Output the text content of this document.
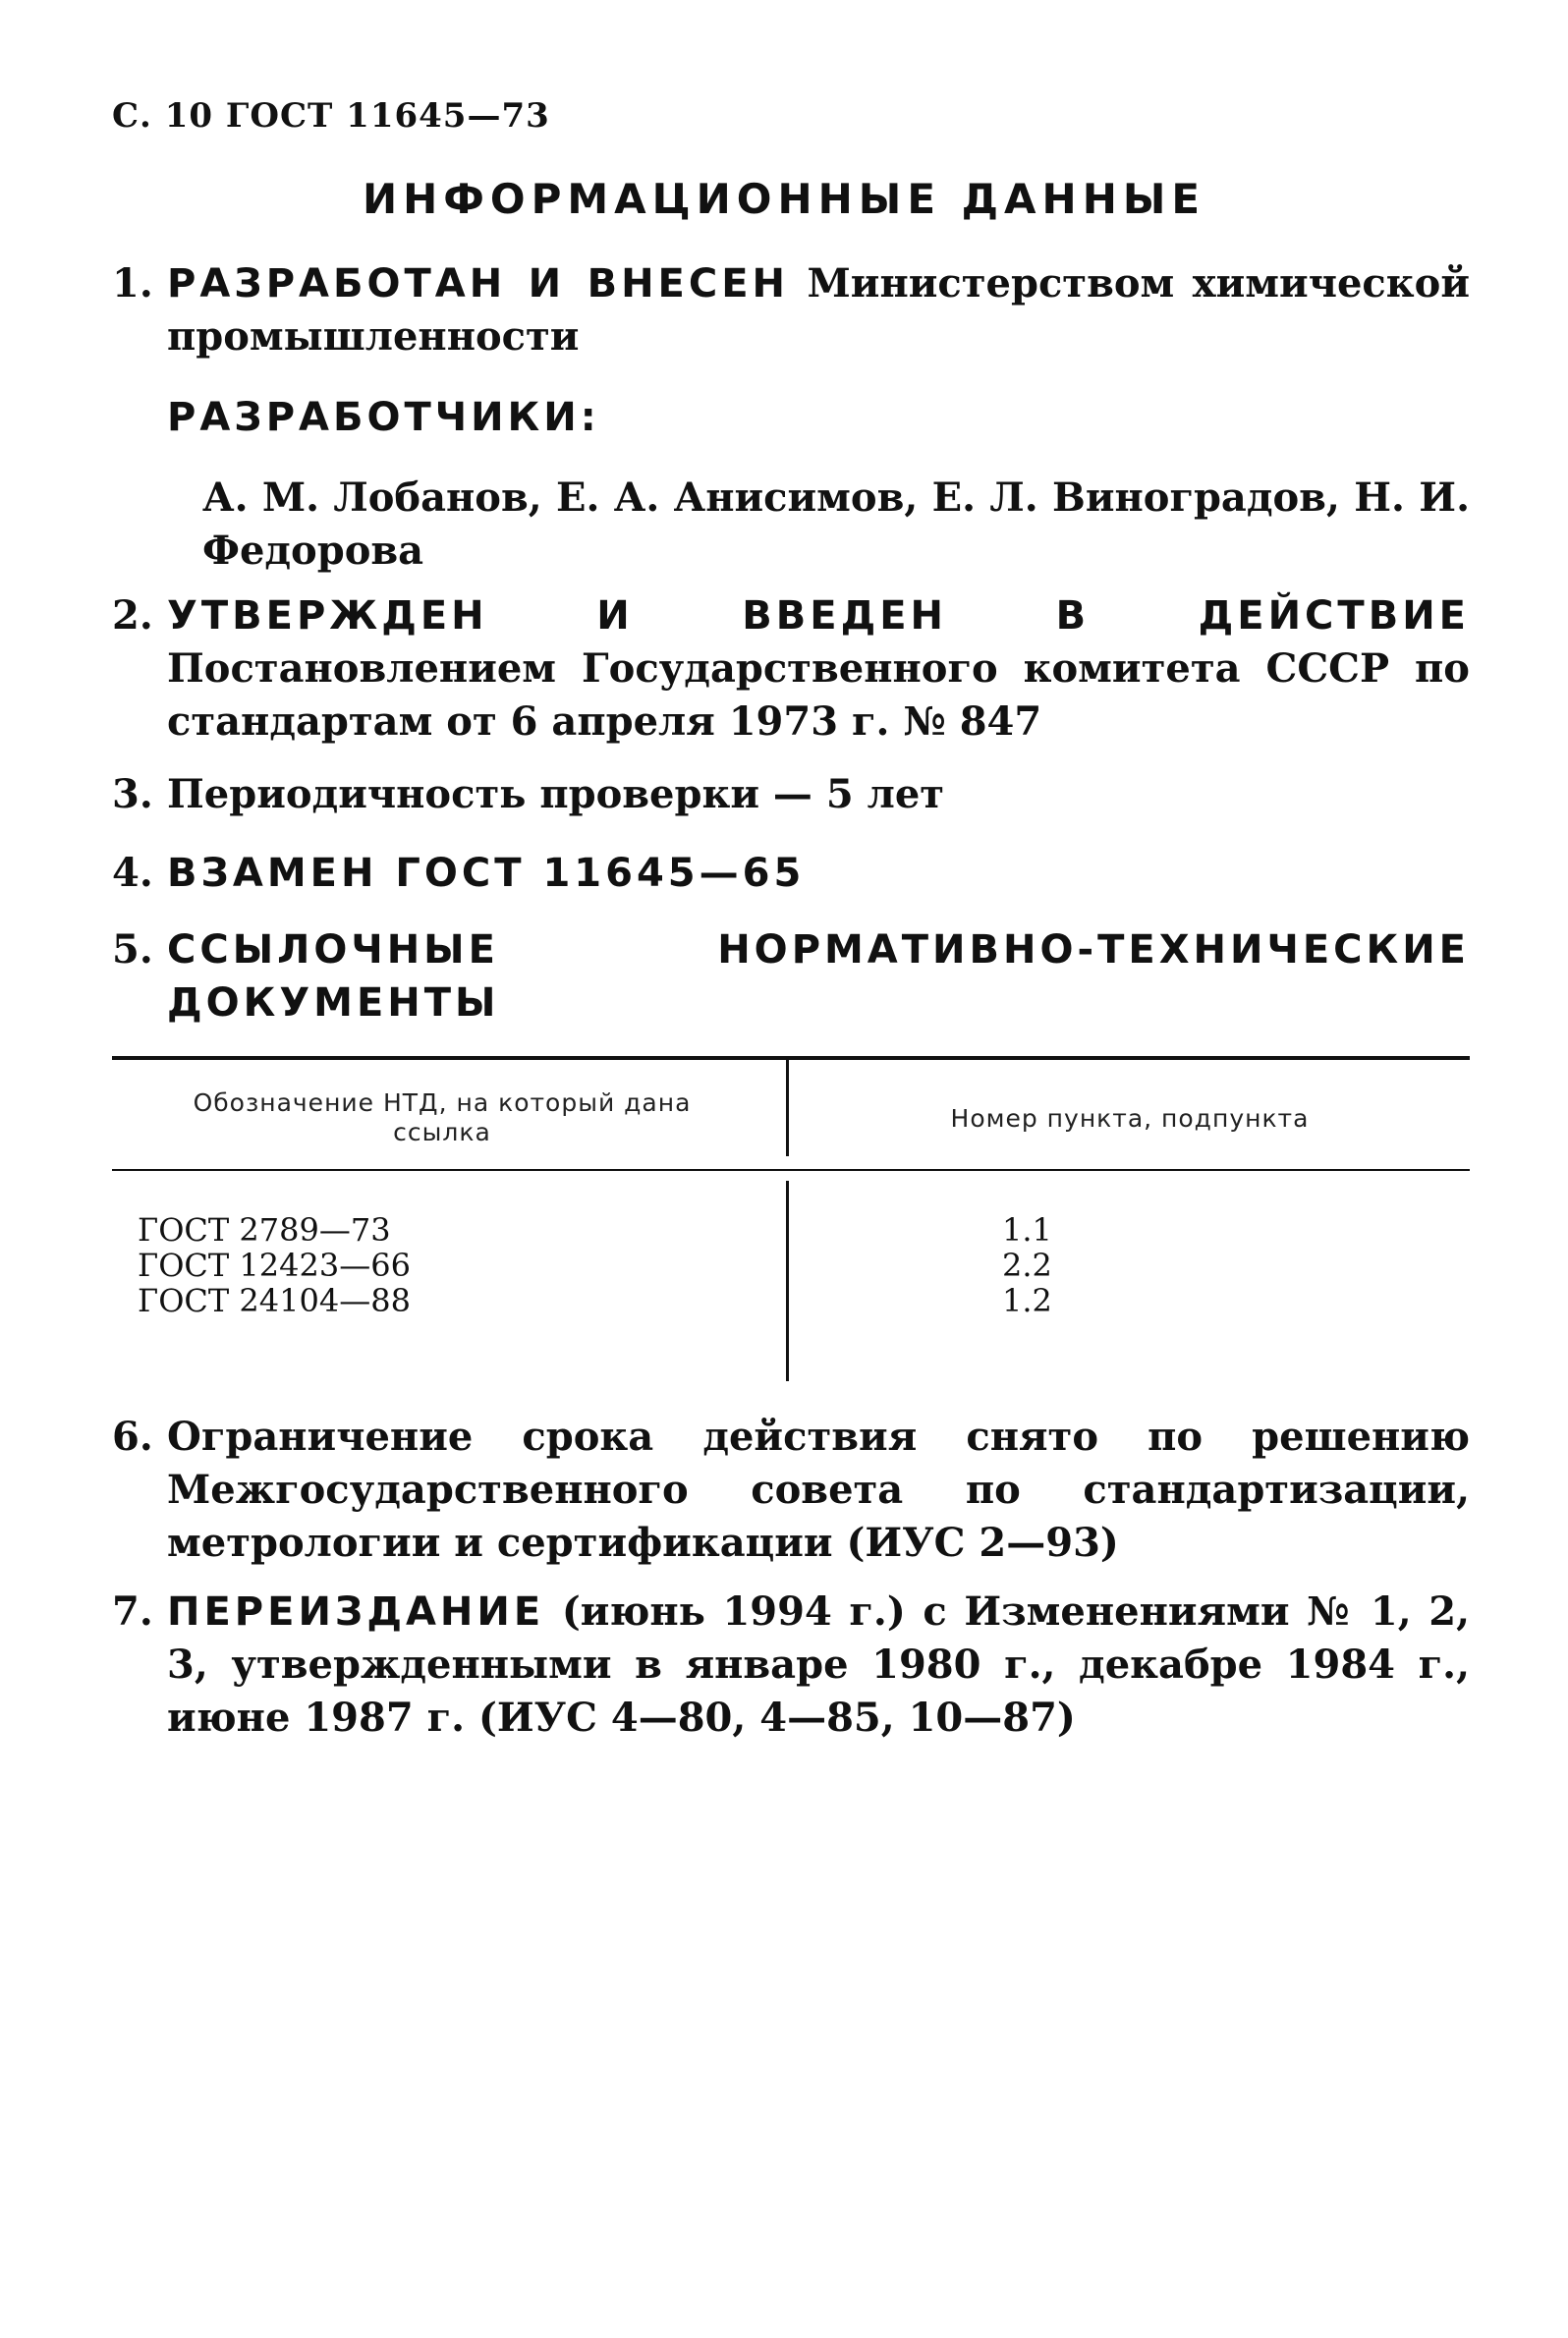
С. 10 ГОСТ 11645—73
ИНФОРМАЦИОННЫЕ ДАННЫЕ
1. РАЗРАБОТАН И ВНЕСЕН Министерством химической промышленности
РАЗРАБОТЧИКИ:
А. М. Лобанов, Е. А. Анисимов, Е. Л. Виноградов, Н. И. Федорова
2. УТВЕРЖДЕН И ВВЕДЕН В ДЕЙСТВИЕ Постановлением Государственного комитета СССР по стандартам от 6 апреля 1973 г. № 847
3. Периодичность проверки — 5 лет
4. ВЗАМЕН ГОСТ 11645—65
5. ССЫЛОЧНЫЕ НОРМАТИВНО-ТЕХНИЧЕСКИЕ ДОКУМЕНТЫ
Обозначение НТД, на который дана ссылка	Номер пункта, подпункта
ГОСТ 2789—73	1.1
ГОСТ 12423—66	2.2
ГОСТ 24104—88	1.2
6. Ограничение срока действия снято по решению Межгосударственного совета по стандартизации, метрологии и сертификации (ИУС 2—93)
7. ПЕРЕИЗДАНИЕ (июнь 1994 г.) с Изменениями № 1, 2, 3, утвержденными в январе 1980 г., декабре 1984 г., июне 1987 г. (ИУС 4—80, 4—85, 10—87)
